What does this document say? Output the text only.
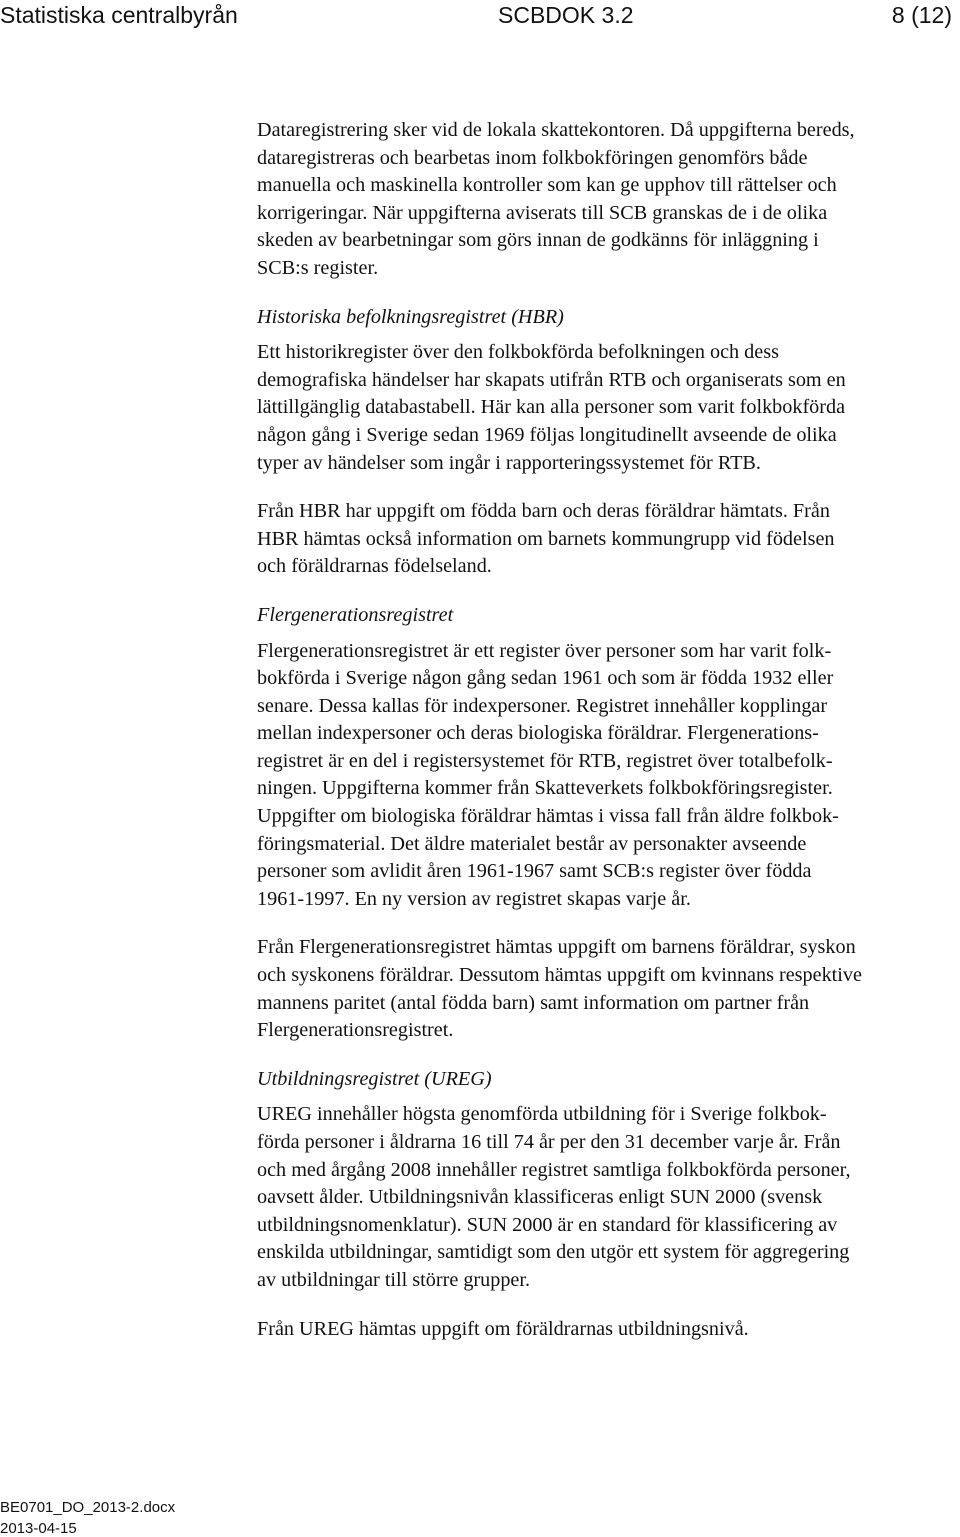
Statistiska centralbyrån	SCBDOK 3.2	8 (12)

Dataregistrering sker vid de lokala skattekontoren. Då uppgifterna bereds,
dataregistreras och bearbetas inom folkbokföringen genomförs både
manuella och maskinella kontroller som kan ge upphov till rättelser och
korrigeringar. När uppgifterna aviserats till SCB granskas de i de olika
skeden av bearbetningar som görs innan de godkänns för inläggning i
SCB:s register.

Historiska befolkningsregistret (HBR)

Ett historikregister över den folkbokförda befolkningen och dess
demografiska händelser har skapats utifrån RTB och organiserats som en
lättillgänglig databastabell. Här kan alla personer som varit folkbokförda
någon gång i Sverige sedan 1969 följas longitudinellt avseende de olika
typer av händelser som ingår i rapporteringssystemet för RTB.

Från HBR har uppgift om födda barn och deras föräldrar hämtats. Från
HBR hämtas också information om barnets kommungrupp vid födelsen
och föräldrarnas födelseland.

Flergenerationsregistret

Flergenerationsregistret är ett register över personer som har varit folk-
bokförda i Sverige någon gång sedan 1961 och som är födda 1932 eller
senare. Dessa kallas för indexpersoner. Registret innehåller kopplingar
mellan indexpersoner och deras biologiska föräldrar. Flergenerations-
registret är en del i registersystemet för RTB, registret över totalbefolk-
ningen. Uppgifterna kommer från Skatteverkets folkbokföringsregister.
Uppgifter om biologiska föräldrar hämtas i vissa fall från äldre folkbok-
föringsmaterial. Det äldre materialet består av personakter avseende
personer som avlidit åren 1961-1967 samt SCB:s register över födda
1961-1997. En ny version av registret skapas varje år.

Från Flergenerationsregistret hämtas uppgift om barnens föräldrar, syskon
och syskonens föräldrar. Dessutom hämtas uppgift om kvinnans respektive
mannens paritet (antal födda barn) samt information om partner från
Flergenerationsregistret.

Utbildningsregistret (UREG)

UREG innehåller högsta genomförda utbildning för i Sverige folkbok-
förda personer i åldrarna 16 till 74 år per den 31 december varje år. Från
och med årgång 2008 innehåller registret samtliga folkbokförda personer,
oavsett ålder. Utbildningsnivån klassificeras enligt SUN 2000 (svensk
utbildningsnomenklatur). SUN 2000 är en standard för klassificering av
enskilda utbildningar, samtidigt som den utgör ett system för aggregering
av utbildningar till större grupper.

Från UREG hämtas uppgift om föräldrarnas utbildningsnivå.

BE0701_DO_2013-2.docx
2013-04-15
